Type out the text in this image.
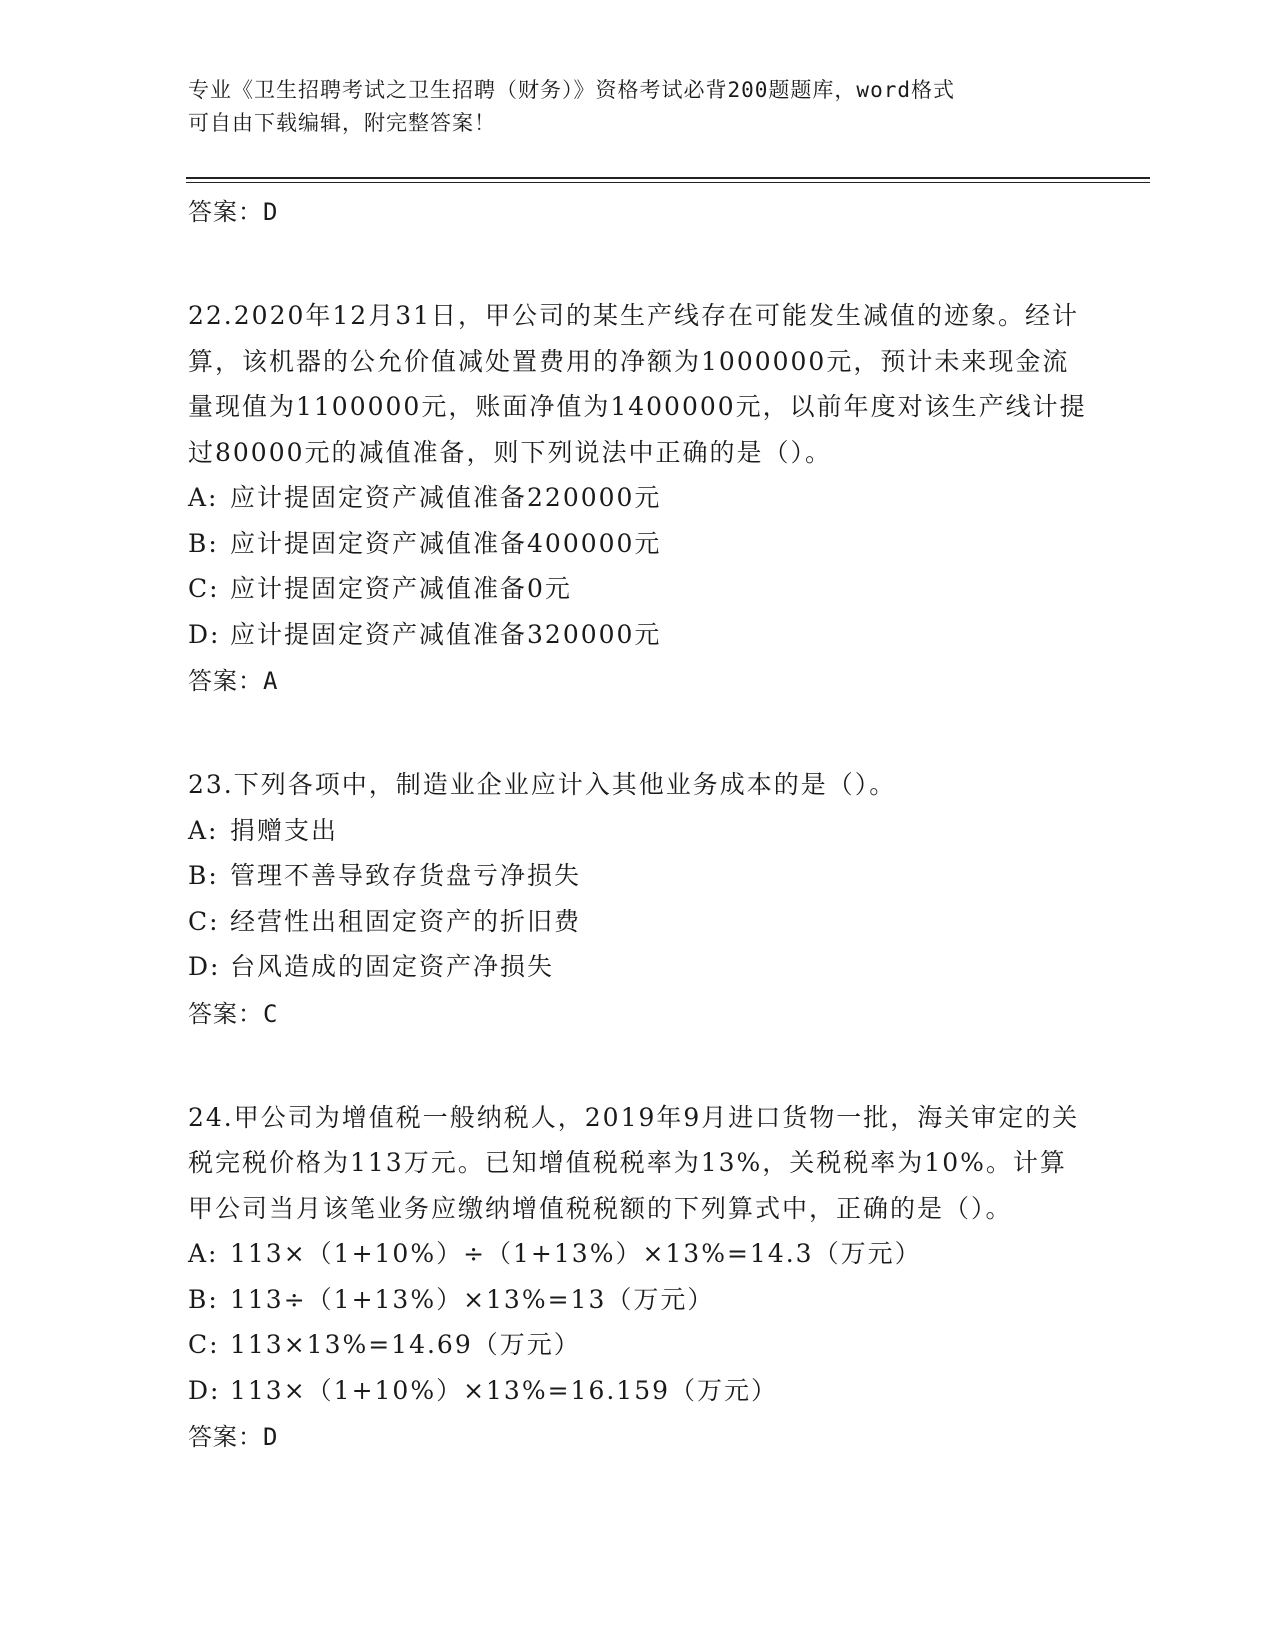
专业《卫生招聘考试之卫生招聘（财务）》资格考试必背200题题库，word格式
可自由下载编辑，附完整答案！
答案：D

22.2020年12月31日，甲公司的某生产线存在可能发生减值的迹象。经计算，该机器的公允价值减处置费用的净额为1000000元，预计未来现金流量现值为1100000元，账面净值为1400000元，以前年度对该生产线计提过80000元的减值准备，则下列说法中正确的是（）。

A: 应计提固定资产减值准备220000元
B: 应计提固定资产减值准备400000元
C: 应计提固定资产减值准备0元
D: 应计提固定资产减值准备320000元
答案：A

23.下列各项中，制造业企业应计入其他业务成本的是（）。

A: 捐赠支出
B: 管理不善导致存货盘亏净损失
C: 经营性出租固定资产的折旧费
D: 台风造成的固定资产净损失
答案：C

24.甲公司为增值税一般纳税人，2019年9月进口货物一批，海关审定的关税完税价格为113万元。已知增值税税率为13%，关税税率为10%。计算甲公司当月该笔业务应缴纳增值税税额的下列算式中，正确的是（）。

A: 113×（1+10%）÷（1+13%）×13%=14.3（万元）
B: 113÷（1+13%）×13%=13（万元）
C: 113×13%=14.69（万元）
D: 113×（1+10%）×13%=16.159（万元）
答案：D
